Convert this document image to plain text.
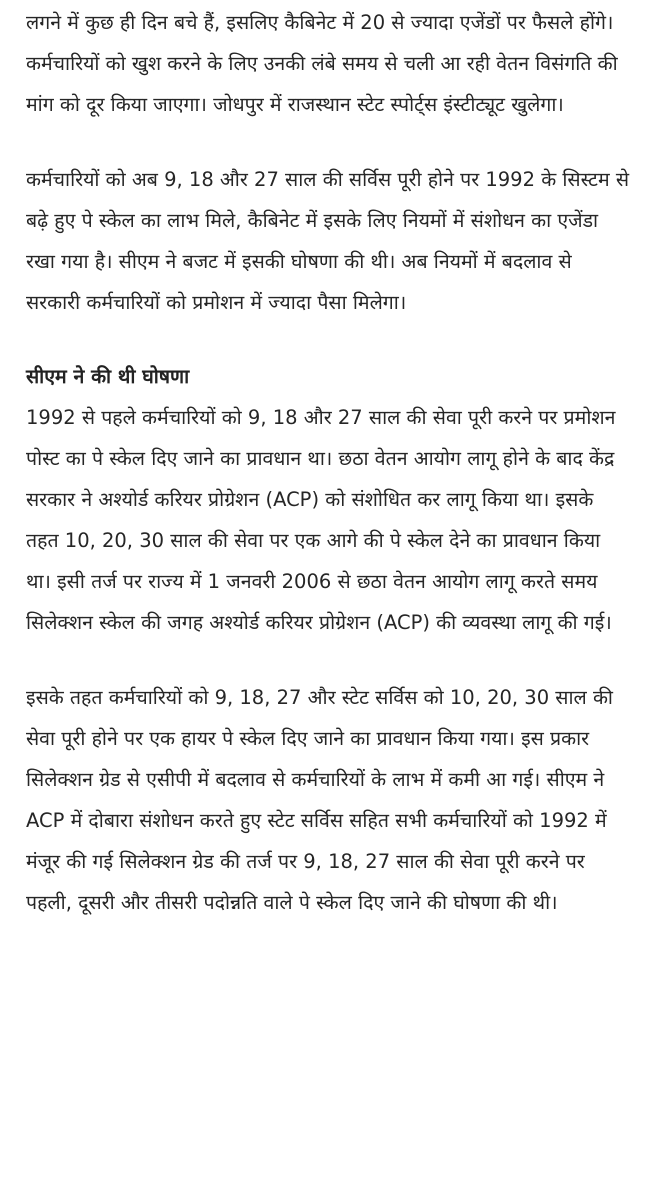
लगने में कुछ ही दिन बचे हैं, इसलिए कैबिनेट में 20 से ज्यादा एजेंडों पर फैसले होंगे। कर्मचारियों को खुश करने के लिए उनकी लंबे समय से चली आ रही वेतन विसंगति की मांग को दूर किया जाएगा। जोधपुर में राजस्थान स्टेट स्पोर्ट्स इंस्टीट्यूट खुलेगा।

कर्मचारियों को अब 9, 18 और 27 साल की सर्विस पूरी होने पर 1992 के सिस्टम से बढ़े हुए पे स्केल का लाभ मिले, कैबिनेट में इसके लिए नियमों में संशोधन का एजेंडा रखा गया है। सीएम ने बजट में इसकी घोषणा की थी। अब नियमों में बदलाव से सरकारी कर्मचारियों को प्रमोशन में ज्यादा पैसा मिलेगा।

सीएम ने की थी घोषणा

1992 से पहले कर्मचारियों को 9, 18 और 27 साल की सेवा पूरी करने पर प्रमोशन पोस्ट का पे स्केल दिए जाने का प्रावधान था। छठा वेतन आयोग लागू होने के बाद केंद्र सरकार ने अश्योर्ड करियर प्रोग्रेशन (ACP) को संशोधित कर लागू किया था। इसके तहत 10, 20, 30 साल की सेवा पर एक आगे की पे स्केल देने का प्रावधान किया था। इसी तर्ज पर राज्य में 1 जनवरी 2006 से छठा वेतन आयोग लागू करते समय सिलेक्शन स्केल की जगह अश्योर्ड करियर प्रोग्रेशन (ACP) की व्यवस्था लागू की गई।

इसके तहत कर्मचारियों को 9, 18, 27 और स्टेट सर्विस को 10, 20, 30 साल की सेवा पूरी होने पर एक हायर पे स्केल दिए जाने का प्रावधान किया गया। इस प्रकार सिलेक्शन ग्रेड से एसीपी में बदलाव से कर्मचारियों के लाभ में कमी आ गई। सीएम ने ACP में दोबारा संशोधन करते हुए स्टेट सर्विस सहित सभी कर्मचारियों को 1992 में मंजूर की गई सिलेक्शन ग्रेड की तर्ज पर 9, 18, 27 साल की सेवा पूरी करने पर पहली, दूसरी और तीसरी पदोन्नति वाले पे स्केल दिए जाने की घोषणा की थी।
